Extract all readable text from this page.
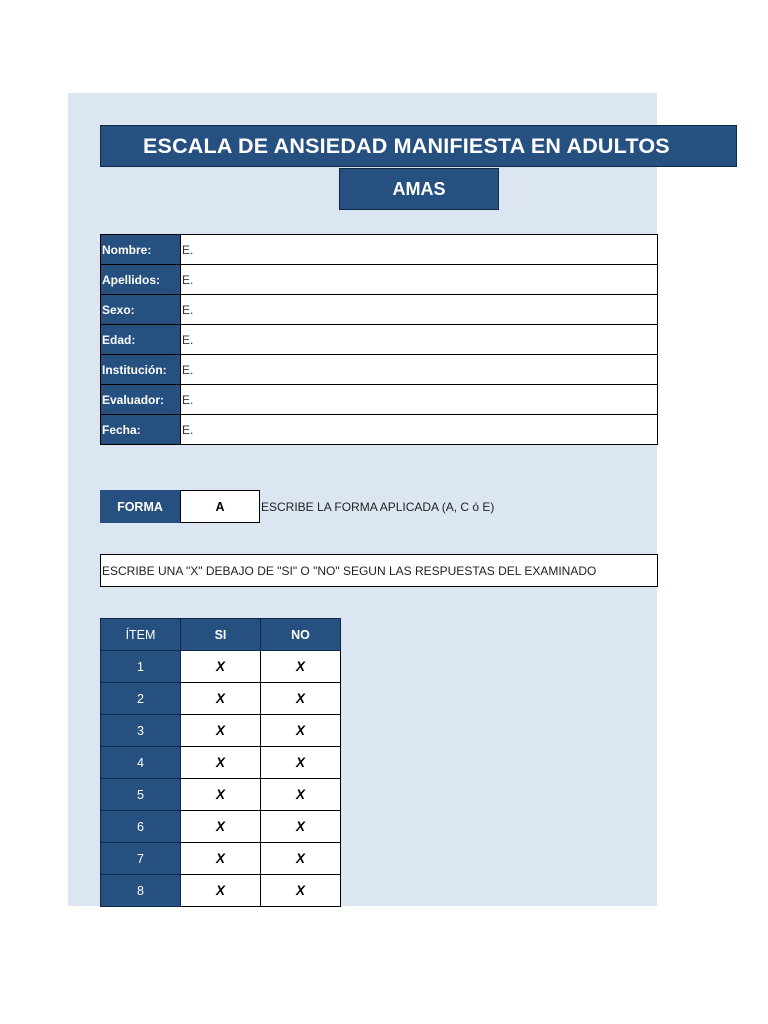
ESCALA DE ANSIEDAD MANIFIESTA EN ADULTOS
AMAS
Nombre:	E.
Apellidos:	E.
Sexo:	E.
Edad:	E.
Institución:	E.
Evaluador:	E.
Fecha:	E.
FORMA	A	ESCRIBE LA FORMA APLICADA (A, C ó E)
ESCRIBE UNA "X" DEBAJO DE "SI" O "NO" SEGUN LAS RESPUESTAS DEL EXAMINADO
ÍTEM	SI	NO
1	X	X
2	X	X
3	X	X
4	X	X
5	X	X
6	X	X
7	X	X
8	X	X
